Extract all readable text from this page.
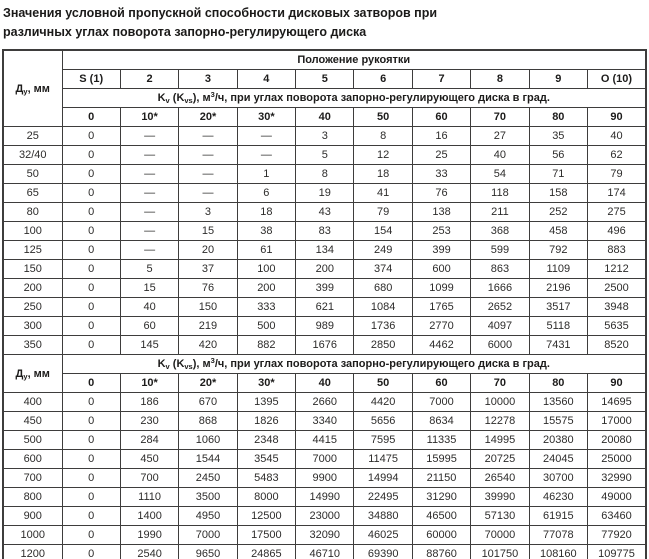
Значения условной пропускной способности дисковых затворов при
различных углах поворота запорно-регулирующего диска
$Д_у$, мм	Положение рукоятки									
	S (1)	2	3	4	5	6	7	8	9	О (10)
	$K_v$ $(K_{vs})$, $м^3/ч$, при углах поворота запорно-регулирующего диска в град.									
	0	10*	20*	30*	40	50	60	70	80	90
25	0	—	—	—	3	8	16	27	35	40
32/40	0	—	—	—	5	12	25	40	56	62
50	0	—	—	1	8	18	33	54	71	79
65	0	—	—	6	19	41	76	118	158	174
80	0	—	3	18	43	79	138	211	252	275
100	0	—	15	38	83	154	253	368	458	496
125	0	—	20	61	134	249	399	599	792	883
150	0	5	37	100	200	374	600	863	1109	1212
200	0	15	76	200	399	680	1099	1666	2196	2500
250	0	40	150	333	621	1084	1765	2652	3517	3948
300	0	60	219	500	989	1736	2770	4097	5118	5635
350	0	145	420	882	1676	2850	4462	6000	7431	8520
$Д_у$, мм	$K_v$ $(K_{vs})$, $м^3/ч$, при углах поворота запорно-регулирующего диска в град.									
	0	10*	20*	30*	40	50	60	70	80	90
400	0	186	670	1395	2660	4420	7000	10000	13560	14695
450	0	230	868	1826	3340	5656	8634	12278	15575	17000
500	0	284	1060	2348	4415	7595	11335	14995	20380	20080
600	0	450	1544	3545	7000	11475	15995	20725	24045	25000
700	0	700	2450	5483	9900	14994	21150	26540	30700	32990
800	0	1110	3500	8000	14990	22495	31290	39990	46230	49000
900	0	1400	4950	12500	23000	34880	46500	57130	61915	63460
1000	0	1990	7000	17500	32090	46025	60000	70000	77078	77920
1200	0	2540	9650	24865	46710	69390	88760	101750	108160	109775
